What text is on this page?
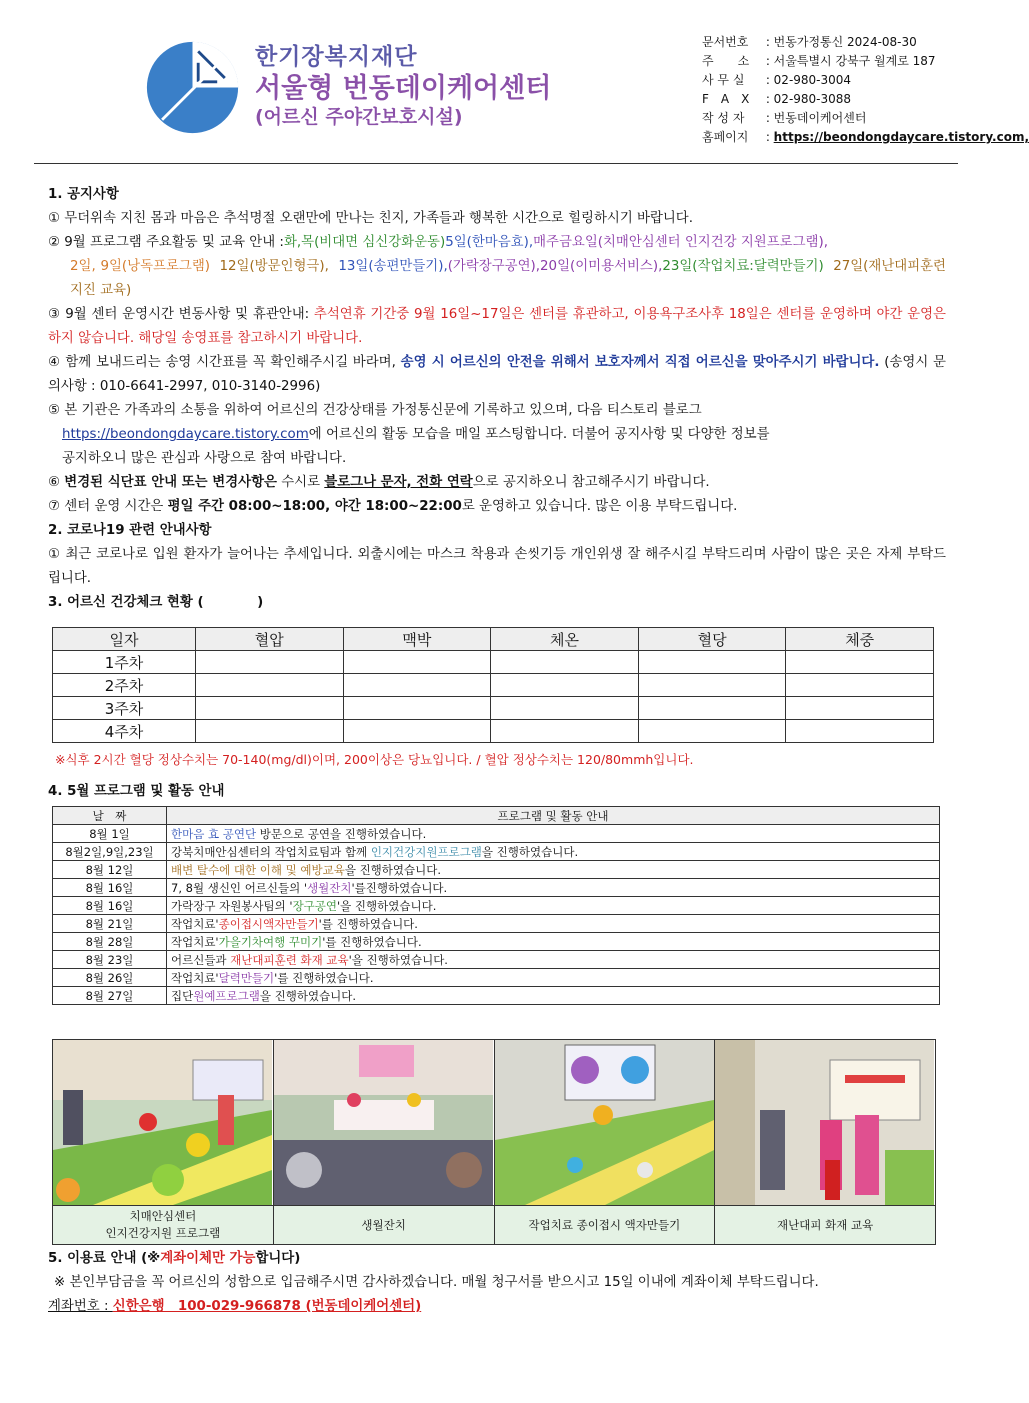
한기장복지재단
서울형 번동데이케어센터
(어르신 주야간보호시설)
문서번호 : 번동가정통신 2024-08-30
주　　소 : 서울특별시 강북구 월계로 187
사 무 실 : 02-980-3004
F　A　X : 02-980-3088
작 성 자 : 번동데이케어센터
홈페이지 : https://beondongdaycare.tistory.com,
1. 공지사항
① 무더위속 지친 몸과 마음은 추석명절 오랜만에 만나는 친지, 가족들과 행복한 시간으로 힐링하시기 바랍니다.
② 9월 프로그램 주요활동 및 교육 안내 :화,목(비대면 심신강화운동)5일(한마음효),매주금요일(치매안심센터 인지건강 지원프로그램),
2일, 9일(낭독프로그램) 12일(방문인형극), 13일(송편만들기),(가락장구공연),20일(이미용서비스),23일(작업치료:달력만들기) 27일(재난대피훈련 지진 교육)
③ 9월 센터 운영시간 변동사항 및 휴관안내: 추석연휴 기간중 9월 16일~17일은 센터를 휴관하고, 이용욕구조사후 18일은 센터를 운영하며 야간 운영은 하지 않습니다. 해당일 송영표를 참고하시기 바랍니다.
④ 함께 보내드리는 송영 시간표를 꼭 확인해주시길 바라며, 송영 시 어르신의 안전을 위해서 보호자께서 직접 어르신을 맞아주시기 바랍니다. (송영시 문의사항 : 010-6641-2997, 010-3140-2996)
⑤ 본 기관은 가족과의 소통을 위하여 어르신의 건강상태를 가정통신문에 기록하고 있으며, 다음 티스토리 블로그
https://beondongdaycare.tistory.com에 어르신의 활동 모습을 매일 포스팅합니다. 더불어 공지사항 및 다양한 정보를
공지하오니 많은 관심과 사랑으로 참여 바랍니다.
⑥ 변경된 식단표 안내 또는 변경사항은 수시로 블로그나 문자, 전화 연락으로 공지하오니 참고해주시기 바랍니다.
⑦ 센터 운영 시간은 평일 주간 08:00~18:00, 야간 18:00~22:00로 운영하고 있습니다. 많은 이용 부탁드립니다.
2. 코로나19 관련 안내사항
① 최근 코로나로 입원 환자가 늘어나는 추세입니다. 외출시에는 마스크 착용과 손씻기등 개인위생 잘 해주시길 부탁드리며 사람이 많은 곳은 자제 부탁드립니다.
3. 어르신 건강체크 현황 (　　　　)
일자	혈압	맥박	체온	혈당	체중
1주차					
2주차					
3주차					
4주차					
※식후 2시간 혈당 정상수치는 70-140(mg/dl)이며, 200이상은 당뇨입니다. / 혈압 정상수치는 120/80mmh입니다.
4. 5월 프로그램 및 활동 안내
날　짜	프로그램 및 활동 안내
8월 1일	한마음 효 공연단 방문으로 공연을 진행하였습니다.
8월2일,9일,23일	강북치매안심센터의 작업치료팀과 함께 인지건강지원프로그램을 진행하였습니다.
8월 12일	배변 탈수에 대한 이해 및 예방교육을 진행하였습니다.
8월 16일	7, 8월 생신인 어르신들의 '생월잔치'를진행하였습니다.
8월 16일	가락장구 자원봉사팀의 '장구공연'을 진행하였습니다.
8월 21일	작업치료'종이접시액자만들기'를 진행하였습니다.
8월 28일	작업치료'가을기차여행 꾸미기'를 진행하였습니다.
8월 23일	어르신들과 재난대피훈련 화재 교육'을 진행하였습니다.
8월 26일	작업치료'달력만들기'를 진행하였습니다.
8월 27일	집단원예프로그램을 진행하였습니다.

치매안심센터
인지건강지원 프로그램	생월잔치	작업치료 종이접시 액자만들기	재난대피 화재 교육
5. 이용료 안내 (※계좌이체만 가능합니다)
※ 본인부담금을 꼭 어르신의 성함으로 입금해주시면 감사하겠습니다. 매월 청구서를 받으시고 15일 이내에 계좌이체 부탁드립니다.
계좌번호 : 신한은행　100-029-966878 (번동데이케어센터)
